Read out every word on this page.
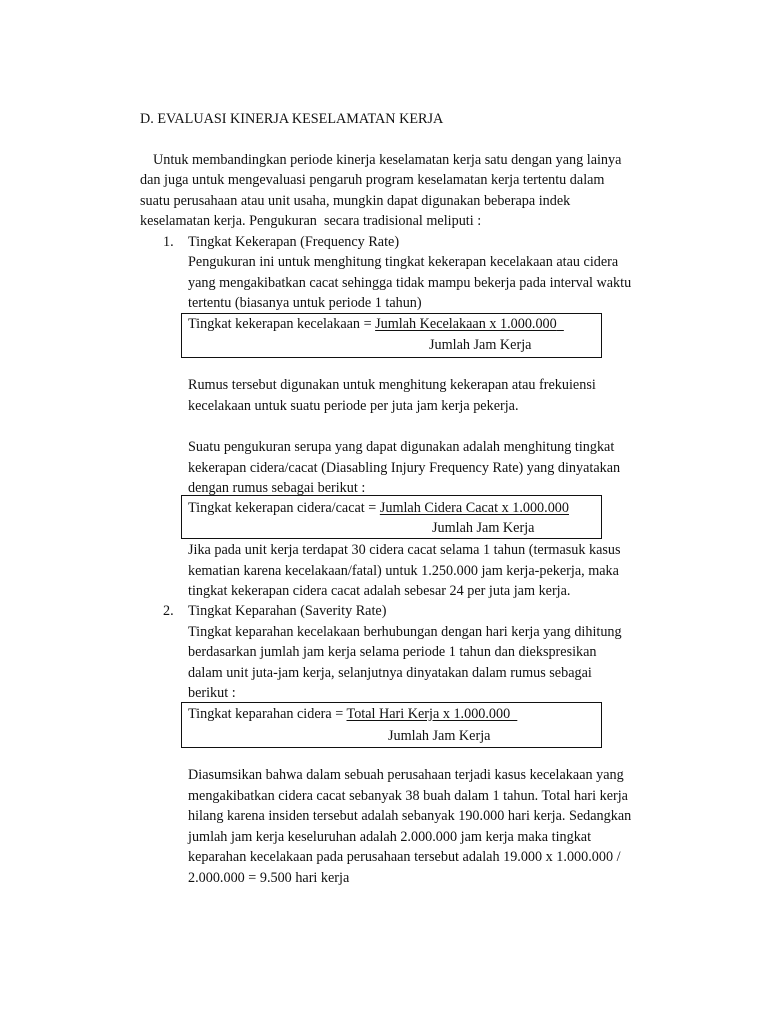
D. EVALUASI KINERJA KESELAMATAN KERJA
Untuk membandingkan periode kinerja keselamatan kerja satu dengan yang lainya
dan juga untuk mengevaluasi pengaruh program keselamatan kerja tertentu dalam
suatu perusahaan atau unit usaha, mungkin dapat digunakan beberapa indek
keselamatan kerja. Pengukuran  secara tradisional meliputi :
1. Tingkat Kekerapan (Frequency Rate)
Pengukuran ini untuk menghitung tingkat kekerapan kecelakaan atau cidera
yang mengakibatkan cacat sehingga tidak mampu bekerja pada interval waktu
tertentu (biasanya untuk periode 1 tahun)
Tingkat kekerapan kecelakaan = Jumlah Kecelakaan x 1.000.000
Jumlah Jam Kerja
Rumus tersebut digunakan untuk menghitung kekerapan atau frekuiensi
kecelakaan untuk suatu periode per juta jam kerja pekerja.
Suatu pengukuran serupa yang dapat digunakan adalah menghitung tingkat
kekerapan cidera/cacat (Diasabling Injury Frequency Rate) yang dinyatakan
dengan rumus sebagai berikut :
Tingkat kekerapan cidera/cacat = Jumlah Cidera Cacat x 1.000.000
Jumlah Jam Kerja
Jika pada unit kerja terdapat 30 cidera cacat selama 1 tahun (termasuk kasus
kematian karena kecelakaan/fatal) untuk 1.250.000 jam kerja-pekerja, maka
tingkat kekerapan cidera cacat adalah sebesar 24 per juta jam kerja.
2. Tingkat Keparahan (Saverity Rate)
Tingkat keparahan kecelakaan berhubungan dengan hari kerja yang dihitung
berdasarkan jumlah jam kerja selama periode 1 tahun dan diekspresikan
dalam unit juta-jam kerja, selanjutnya dinyatakan dalam rumus sebagai
berikut :
Tingkat keparahan cidera = Total Hari Kerja x 1.000.000
Jumlah Jam Kerja
Diasumsikan bahwa dalam sebuah perusahaan terjadi kasus kecelakaan yang
mengakibatkan cidera cacat sebanyak 38 buah dalam 1 tahun. Total hari kerja
hilang karena insiden tersebut adalah sebanyak 190.000 hari kerja. Sedangkan
jumlah jam kerja keseluruhan adalah 2.000.000 jam kerja maka tingkat
keparahan kecelakaan pada perusahaan tersebut adalah 19.000 x 1.000.000 /
2.000.000 = 9.500 hari kerja
